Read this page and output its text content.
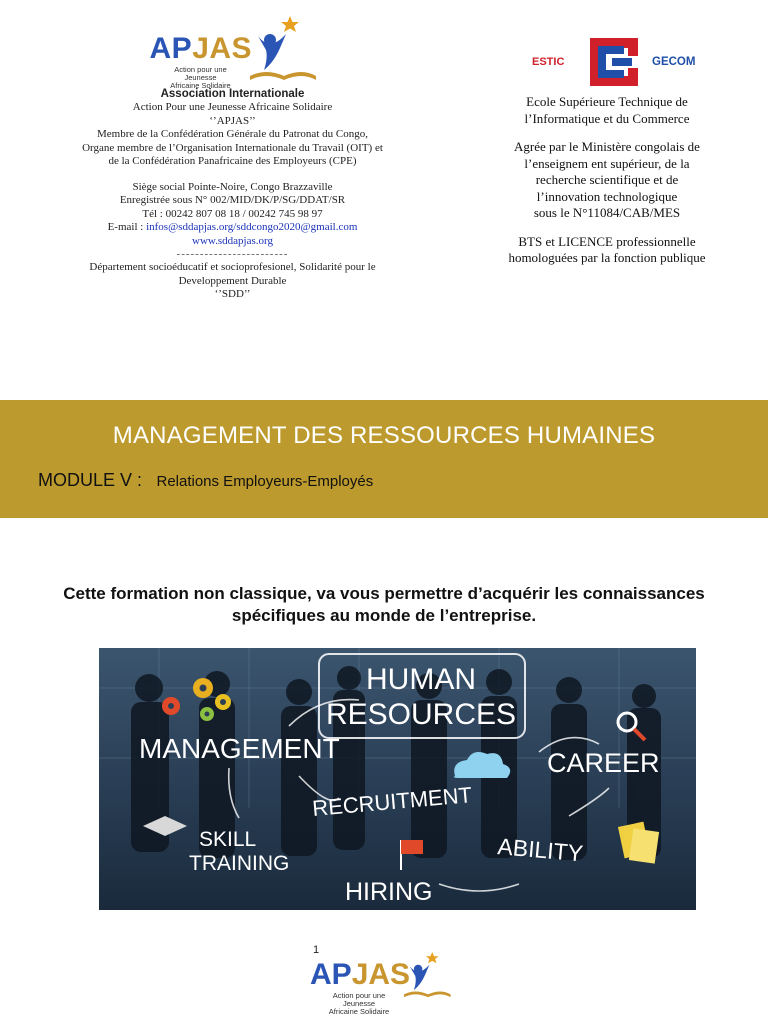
APJAS
Action pour une Jeunesse
Africaine Solidaire
Association Internationale
Action Pour une Jeunesse Africaine Solidaire
‘’APJAS’’
Membre de la Confédération Générale du Patronat du Congo,
Organe membre de l’Organisation Internationale du Travail (OIT) et
de la Confédération Panafricaine des Employeurs (CPE)
Siège social Pointe-Noire, Congo Brazzaville
Enregistrée sous N° 002/MID/DK/P/SG/DDAT/SR
Tél : 00242 807 08 18 / 00242 745 98 97
E-mail : infos@sddapjas.org/sddcongo2020@gmail.com
www.sddapjas.org
------------------------
Département socioéducatif et socioprofesionel, Solidarité pour le
Developpement Durable
‘’SDD’’
ESTIC	GECOM
Ecole Supérieure Technique de
l’Informatique et du Commerce
Agrée par le Ministère congolais de
l’enseignem ent supérieur, de la
recherche scientifique et de
l’innovation technologique
sous le N°11084/CAB/MES
BTS et LICENCE professionnelle
homologuées par la fonction publique
MANAGEMENT DES RESSOURCES HUMAINES
MODULE V : Relations Employeurs-Employés
Cette formation non classique, va vous permettre d’acquérir les connaissances
spécifiques au monde de l’entreprise.
HUMAN
RESOURCES
MANAGEMENT	CAREER
RECRUITMENT
SKILL
TRAINING	ABILITY
HIRING
1
APJAS
Action pour une Jeunesse
Africaine Solidaire
